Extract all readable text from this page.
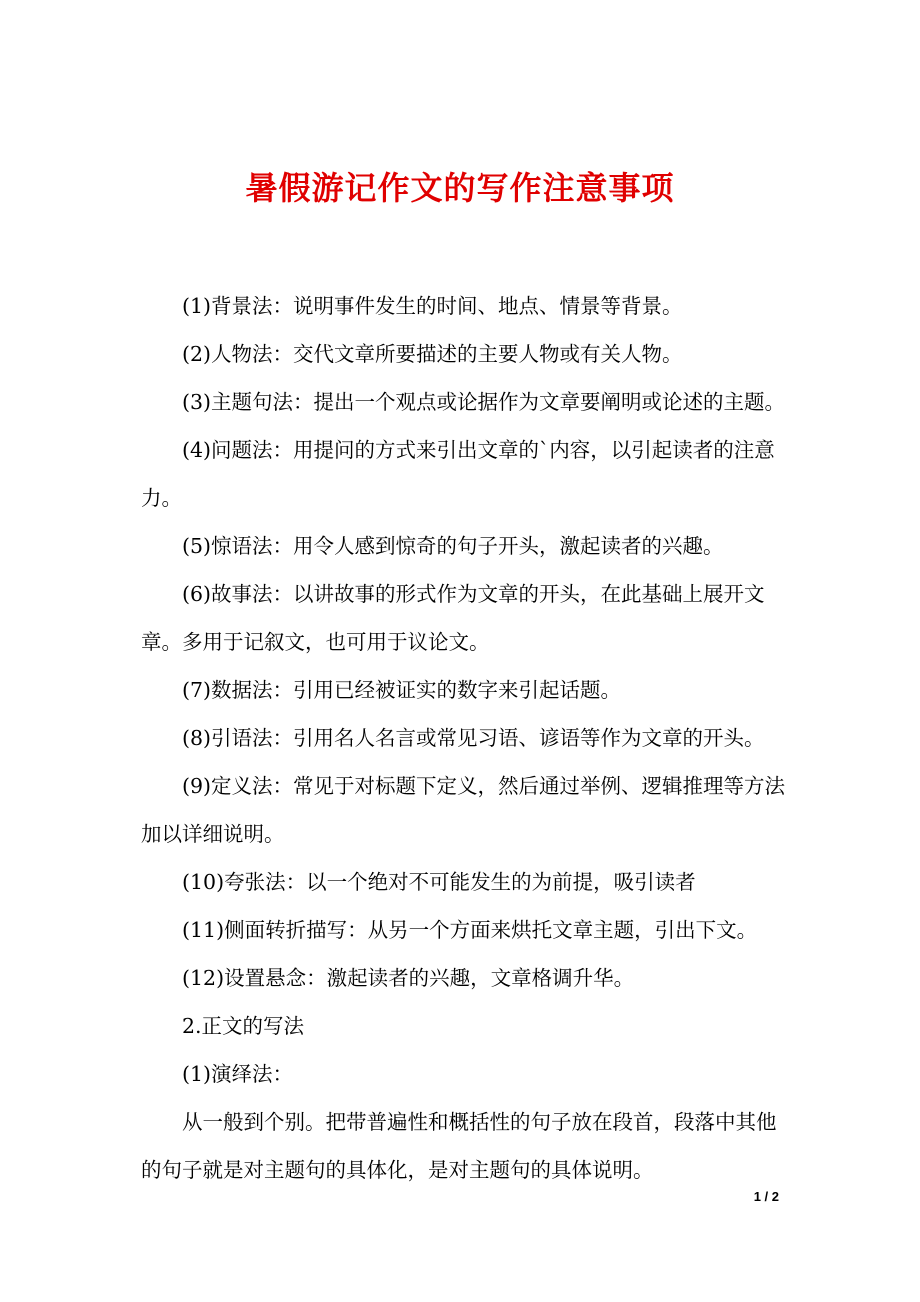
暑假游记作文的写作注意事项

(1)背景法：说明事件发生的时间、地点、情景等背景。

(2)人物法：交代文章所要描述的主要人物或有关人物。

(3)主题句法：提出一个观点或论据作为文章要阐明或论述的主题。

(4)问题法：用提问的方式来引出文章的`内容，以引起读者的注意力。

(5)惊语法：用令人感到惊奇的句子开头，激起读者的兴趣。

(6)故事法：以讲故事的形式作为文章的开头，在此基础上展开文章。多用于记叙文，也可用于议论文。

(7)数据法：引用已经被证实的数字来引起话题。

(8)引语法：引用名人名言或常见习语、谚语等作为文章的开头。

(9)定义法：常见于对标题下定义，然后通过举例、逻辑推理等方法加以详细说明。

(10)夸张法：以一个绝对不可能发生的为前提，吸引读者

(11)侧面转折描写：从另一个方面来烘托文章主题，引出下文。

(12)设置悬念：激起读者的兴趣，文章格调升华。

2.正文的写法

(1)演绎法：

从一般到个别。把带普遍性和概括性的句子放在段首，段落中其他的句子就是对主题句的具体化，是对主题句的具体说明。

1 / 2
